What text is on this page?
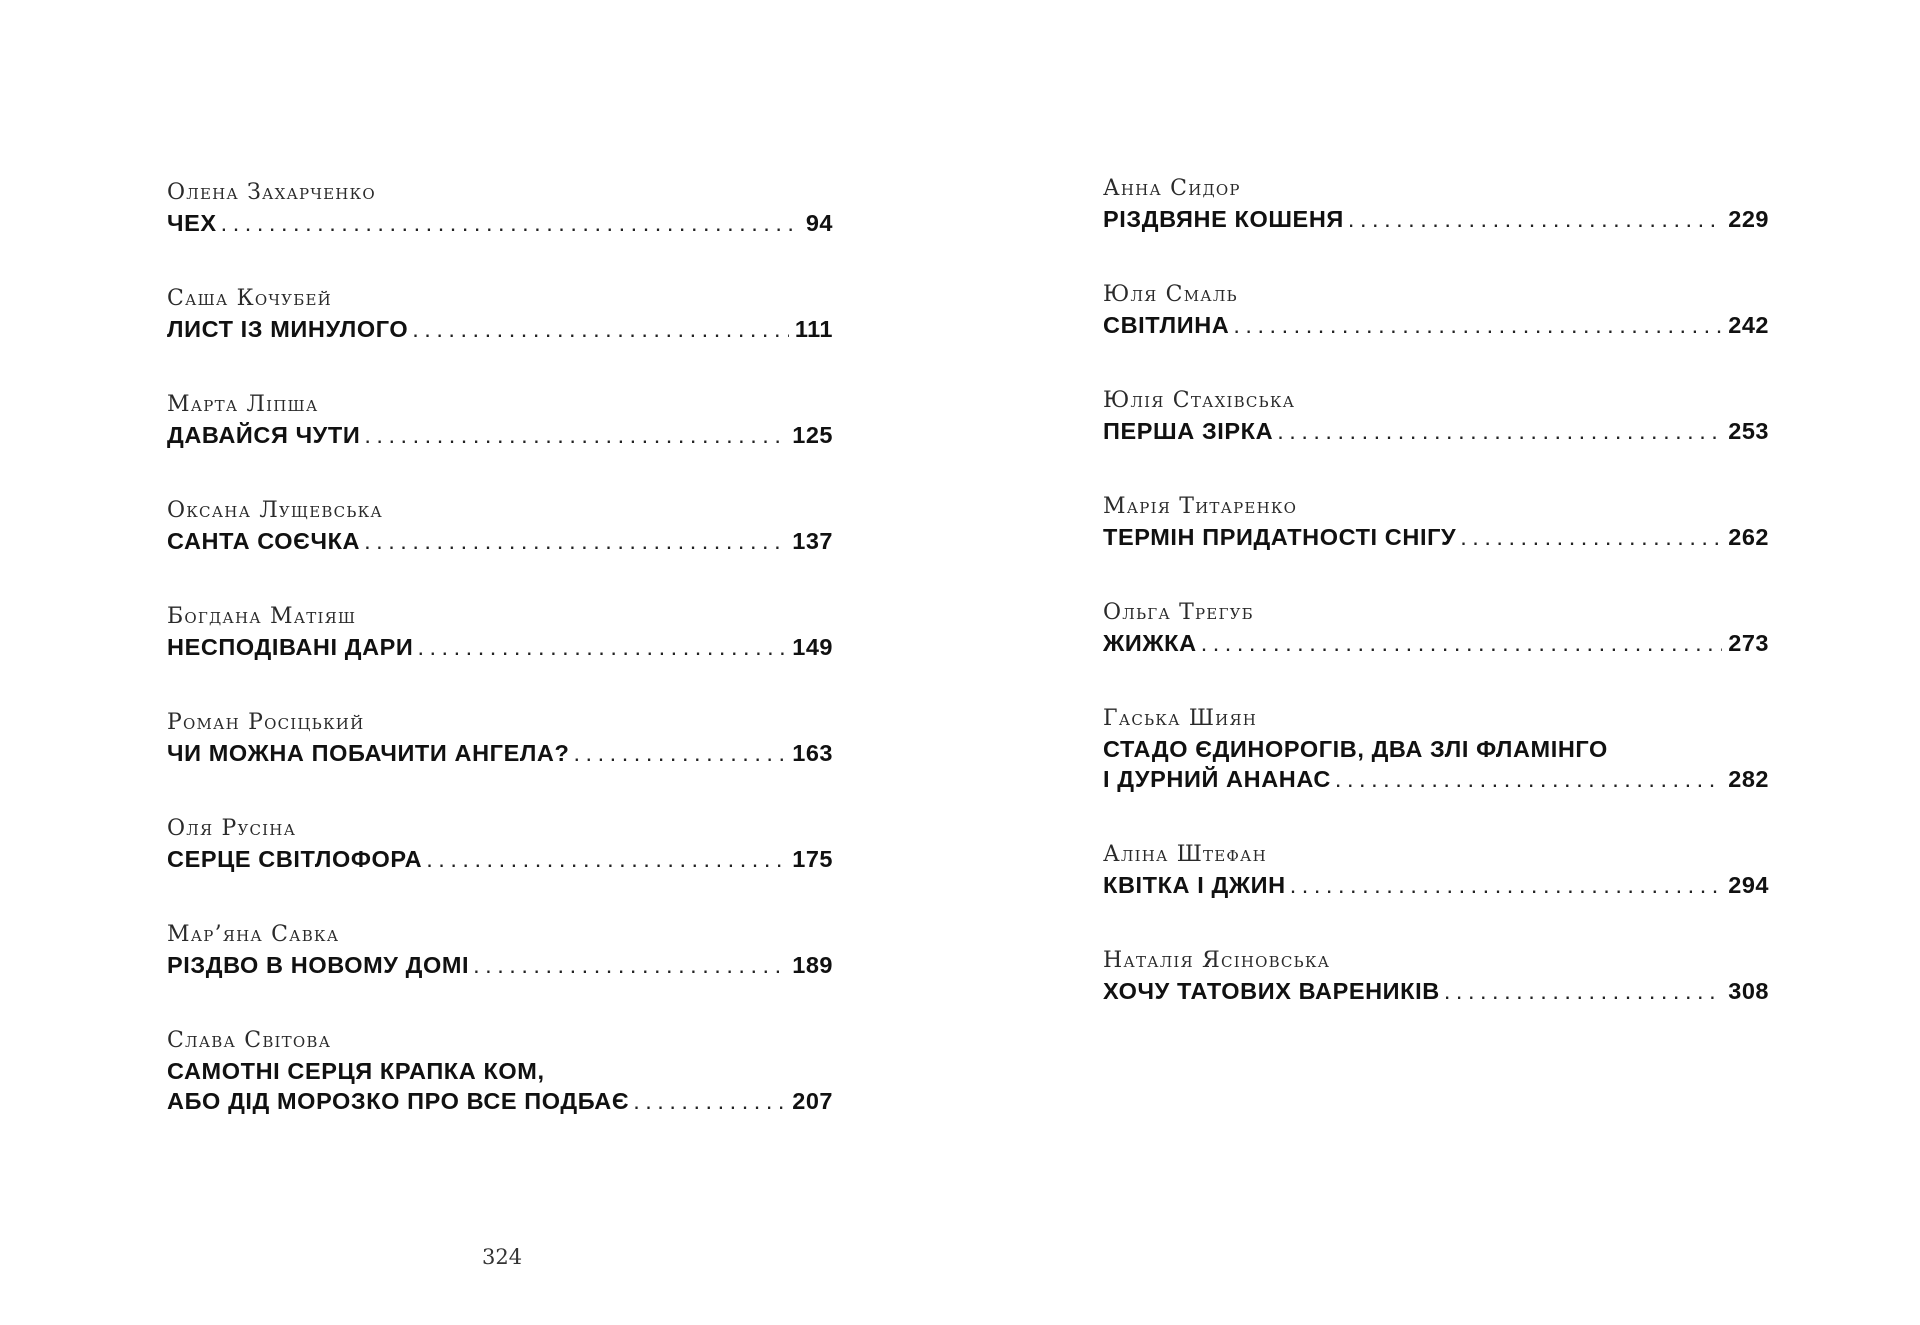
Олена Захарченко
ЧЕХ . . .	94
Саша Кочубей
ЛИСТ ІЗ МИНУЛОГО . . .	111
Марта Ліпша
ДАВАЙСЯ ЧУТИ . . .	125
Оксана Лущевська
САНТА СОЄЧКА . . .	137
Богдана Матіяш
НЕСПОДІВАНІ ДАРИ . . .	149
Роман Росіцький
ЧИ МОЖНА ПОБАЧИТИ АНГЕЛА? . . .	163
Оля Русіна
СЕРЦЕ СВІТЛОФОРА . . .	175
Мар’яна Савка
РІЗДВО В НОВОМУ ДОМІ . . .	189
Слава Світова
САМОТНІ СЕРЦЯ КРАПКА КОМ,
АБО ДІД МОРОЗКО ПРО ВСЕ ПОДБАЄ . . .	207
Анна Сидор
РІЗДВЯНЕ КОШЕНЯ . . .	229
Юля Смаль
СВІТЛИНА . . .	242
Юлія Стахівська
ПЕРША ЗІРКА . . .	253
Марія Титаренко
ТЕРМІН ПРИДАТНОСТІ СНІГУ . . .	262
Ольга Трегуб
ЖИЖКА . . .	273
Гаська Шиян
СТАДО ЄДИНОРОГІВ, ДВА ЗЛІ ФЛАМІНГО
І ДУРНИЙ АНАНАС . . .	282
Аліна Штефан
КВІТКА І ДЖИН . . .	294
Наталія Ясіновська
ХОЧУ ТАТОВИХ ВАРЕНИКІВ . . .	308
324
